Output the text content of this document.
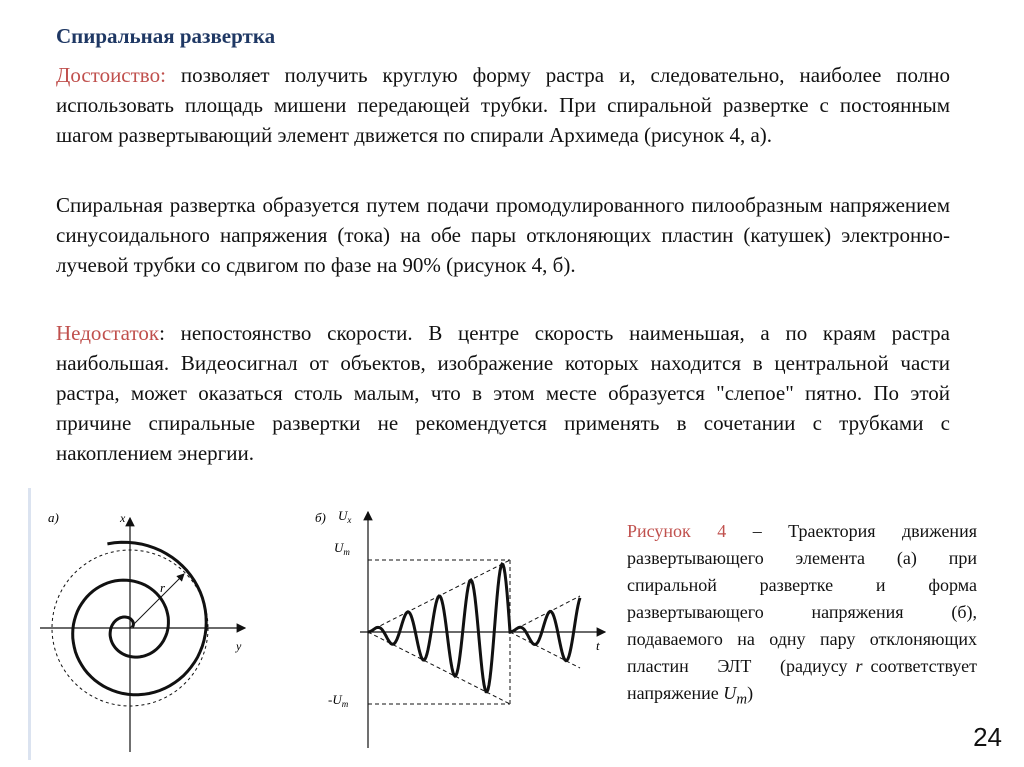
Спиральная развертка

Достоиство: позволяет получить круглую форму растра и, следовательно, наиболее полно использовать площадь мишени передающей трубки. При спиральной развертке с постоянным шагом развертывающий элемент движется по спирали Архимеда (рисунок 4, а).

Спиральная развертка образуется путем подачи промодулированного пилообразным напряжением синусоидального напряжения (тока) на обе пары отклоняющих пластин (катушек) электронно-лучевой трубки со сдвигом по фазе на 90% (рисунок 4, б).

Недостаток: непостоянство скорости. В центре скорость наименьшая, а по краям растра наибольшая. Видеосигнал от объектов, изображение которых находится в центральной части растра, может оказаться столь малым, что в этом месте образуется "слепое" пятно. По этой причине спиральные развертки не рекомендуется применять в сочетании с трубками с накоплением энергии.

а)	x
y
r
б) $U_x$
t
$U_m$
$-U_m$

Рисунок 4 – Траектория движения развертывающего элемента (а) при спиральной развертке и форма развертывающего напряжения (б), подаваемого на одну пару отклоняющих пластин ЭЛТ (радиусу r соответствует напряжение $U_m$)

24
